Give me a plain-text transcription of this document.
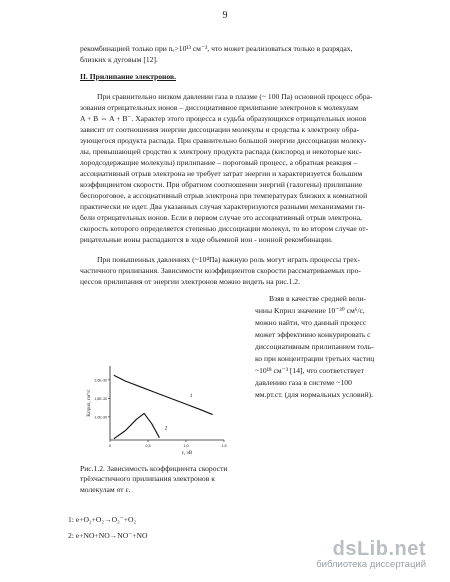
9
рекомбинацией только при nₑ>10¹³ см⁻³, что может реализоваться только в разрядах,
близких к дуговым [12].
II. Прилипание электронов.
При сравнительно низком давлении газа в плазме (~ 100 Па) основной процесс обра-
зования отрицательных ионов – диссоциативное прилипание электронов к молекулам
A + B ⇔ A + B⁻. Характер этого процесса и судьба образующихся отрицательных ионов
зависит от соотношения энергии диссоциации молекулы и сродства к электрону обра-
зующегося продукта распада. При сравнительно большой энергии диссоциации молеку-
лы, превышающей сродство к электрону продукта распада (кислород и некоторые кис-
лородсодержащие молекулы) прилипание – пороговый процесс, а обратная реакция –
ассоциативный отрыв электрона не требует затрат энергии и характеризуется большим
коэффициентом скорости. При обратном соотношении энергий (галогены) прилипание
беспороговое, а ассоциативный отрыв электрона при температурах близких к комнатной
практически не идет. Два указанных случая характеризуются разными механизмами ги-
бели отрицательных ионов. Если в первом случае это ассоциативный отрыв электрона,
скорость которого определяется степенью диссоциации молекул, то во втором случае от-
рицательные ионы распадаются в ходе объемной ион - ионной рекомбинации.
При повышенных давлениях (~10⁴Па) важную роль могут играть процессы трех-
частичного прилипания. Зависимости коэффициентов скорости рассматриваемых про-
цессов прилипания от энергии электронов можно видеть на рис.1.2.
Взяв в качестве средней вели-
чины Kприл значение 10⁻³⁰ см⁶/с,
можно найти, что данный процесс
может эффективно конкурировать с
диссоциативным прилипанием толь-
ко при концентрации третьих частиц
~10¹⁸ см⁻³ [14], что соответствует
давлению газа в системе ~100
мм.рт.ст. (для нормальных условий).
2,6E-30
1,8E-30
1,0E-30
0	0,5	1,0	1,5
Kприл, см⁶/с
ε, эВ
1
2
Рис.1.2. Зависимость коэффициента скорости трёхчастичного прилипания электронов к молекулам от ε.
1: e+O₂+O₂→O₂⁻+O₂
2: e+NO+NO→NO⁻+NO
dsLib.net
библиотека диссертаций
